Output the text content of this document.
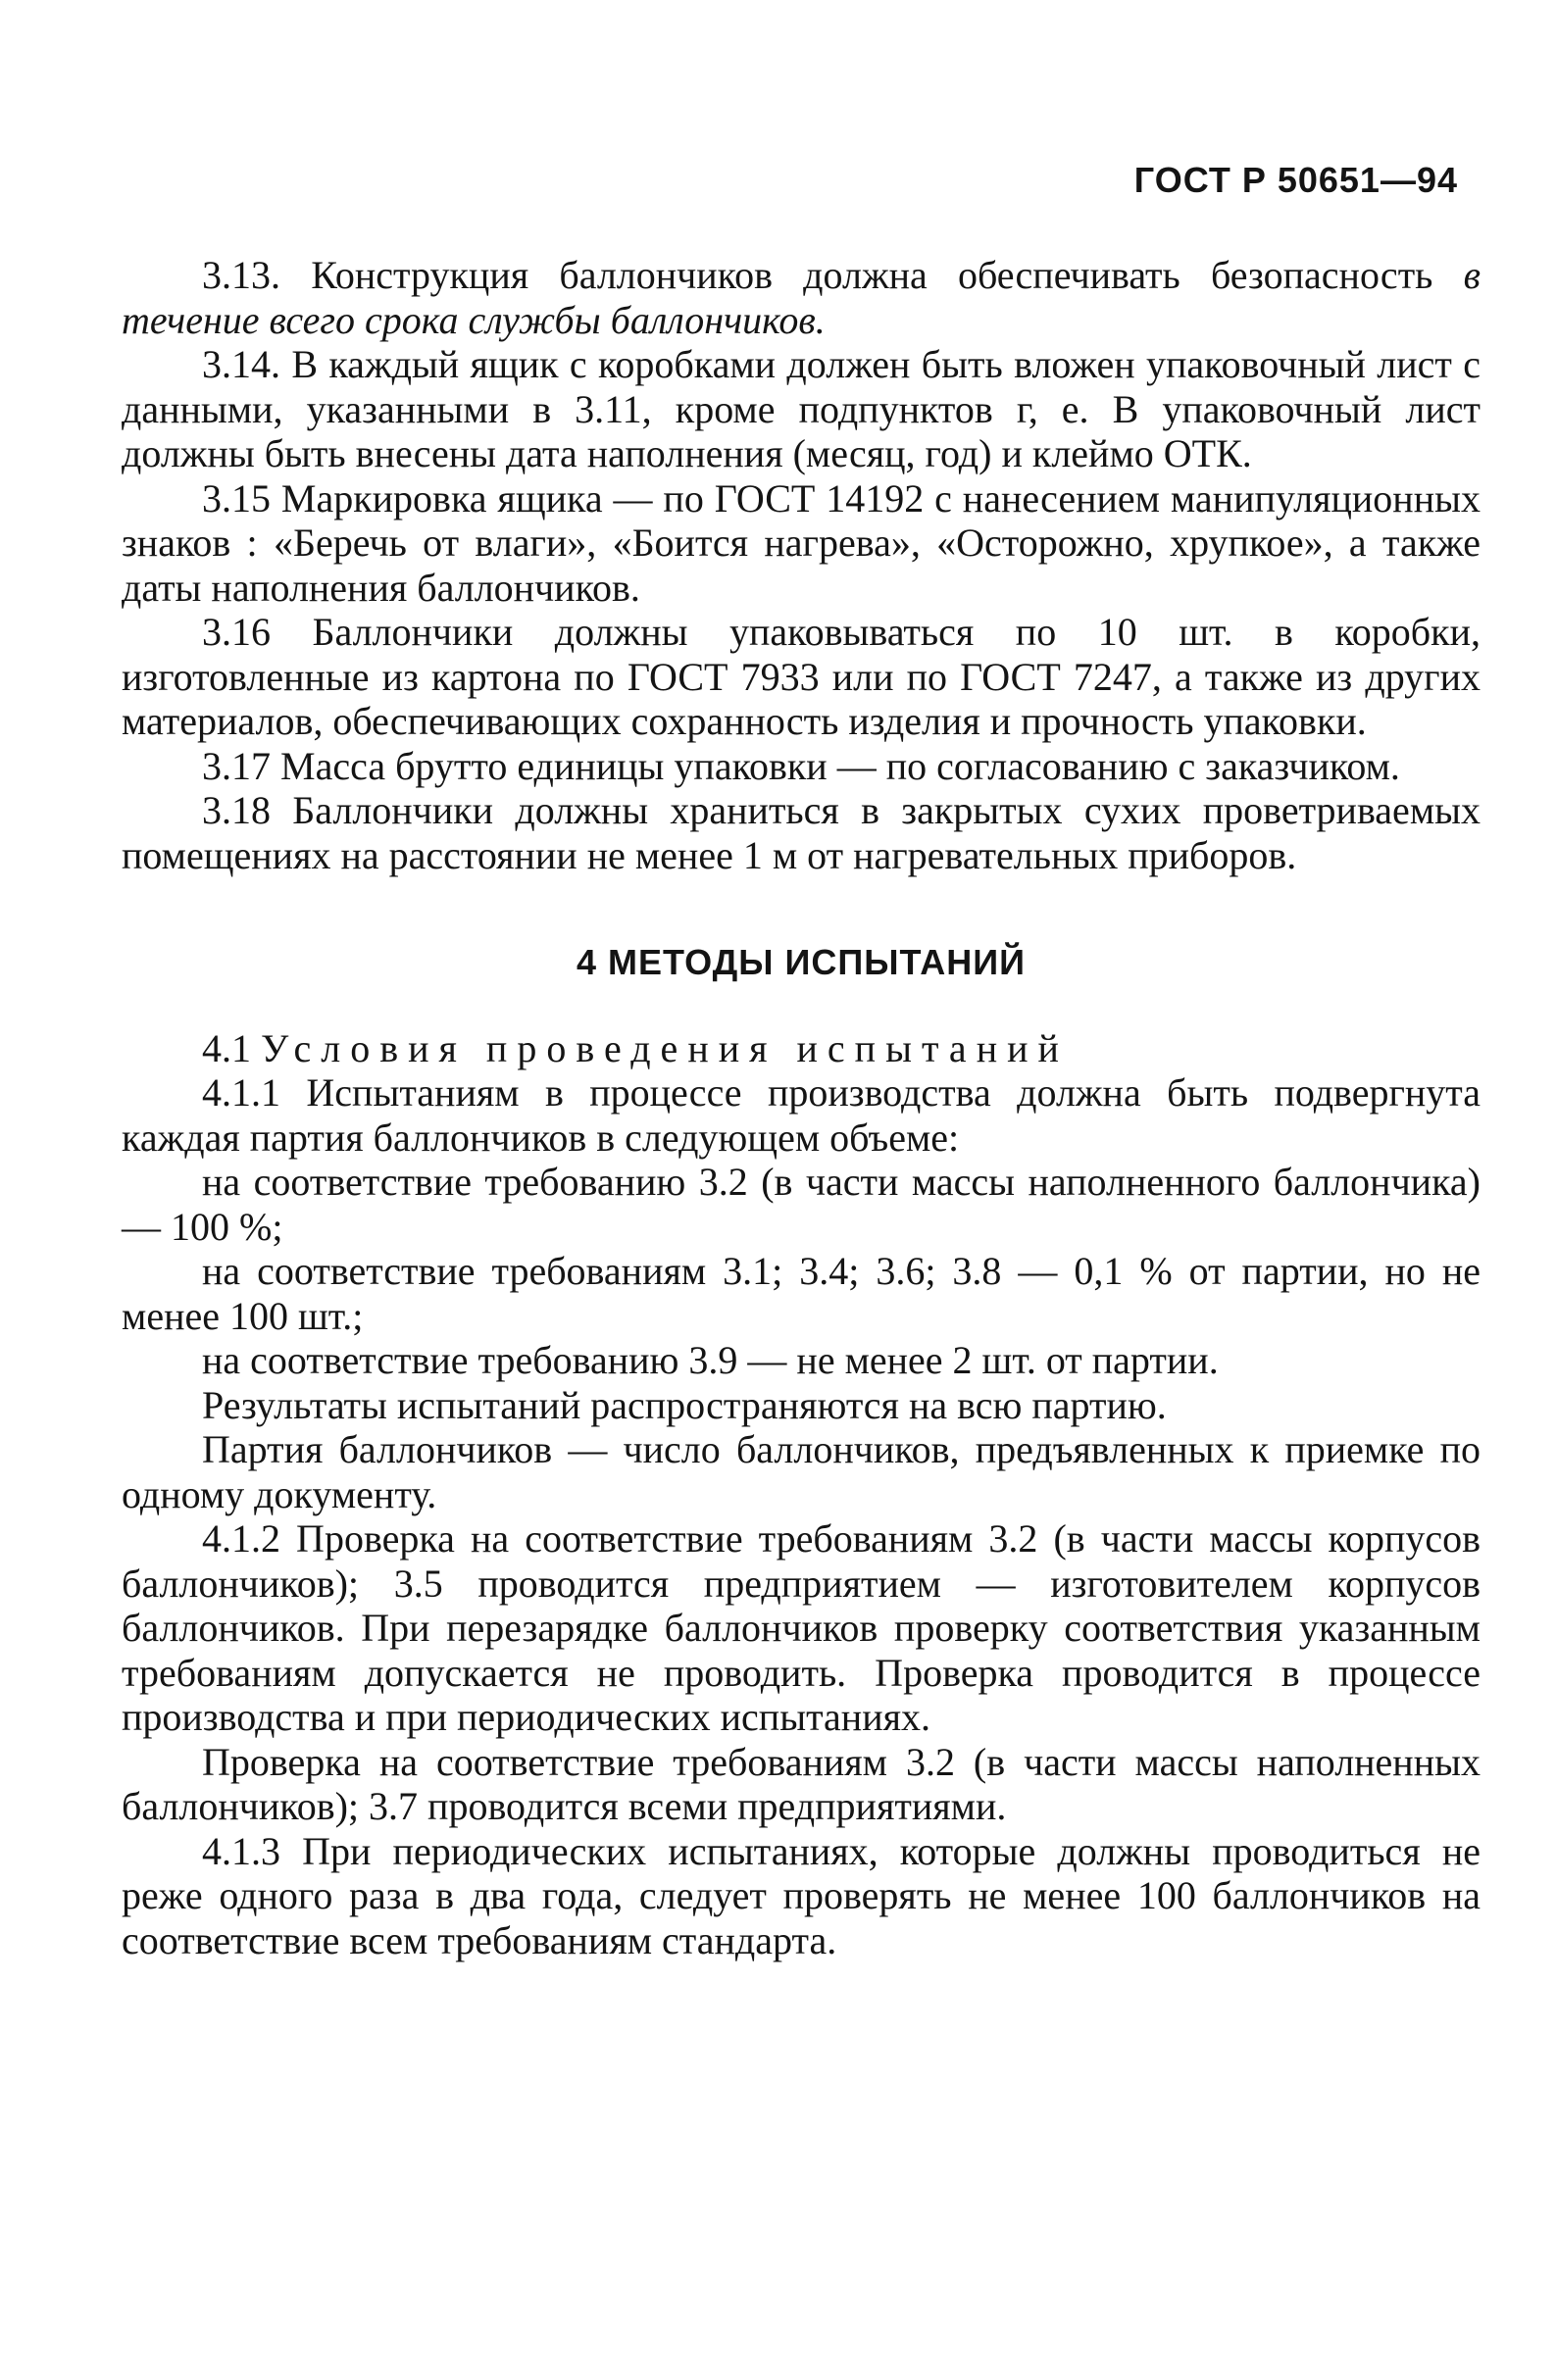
ГОСТ Р 50651—94

3.13. Конструкция баллончиков должна обеспечивать безопасность в течение всего срока службы баллончиков.

3.14. В каждый ящик с коробками должен быть вложен упаковочный лист с данными, указанными в 3.11, кроме подпунктов г, е. В упаковочный лист должны быть внесены дата наполнения (месяц, год) и клеймо ОТК.

3.15 Маркировка ящика — по ГОСТ 14192 с нанесением манипуляционных знаков : «Беречь от влаги», «Боится нагрева», «Осторожно, хрупкое», а также даты наполнения баллончиков.

3.16 Баллончики должны упаковываться по 10 шт. в коробки, изготовленные из картона по ГОСТ 7933 или по ГОСТ 7247, а также из других материалов, обеспечивающих сохранность изделия и прочность упаковки.

3.17 Масса брутто единицы упаковки — по согласованию с заказчиком.

3.18 Баллончики должны храниться в закрытых сухих проветриваемых помещениях на расстоянии не менее 1 м от нагревательных приборов.

4 МЕТОДЫ ИСПЫТАНИЙ

4.1 Условия проведения испытаний

4.1.1 Испытаниям в процессе производства должна быть подвергнута каждая партия баллончиков в следующем объеме:

на соответствие требованию 3.2 (в части массы наполненного баллончика) — 100 %;

на соответствие требованиям 3.1; 3.4; 3.6; 3.8 — 0,1 % от партии, но не менее 100 шт.;

на соответствие требованию 3.9 — не менее 2 шт. от партии.

Результаты испытаний распространяются на всю партию.

Партия баллончиков — число баллончиков, предъявленных к приемке по одному документу.

4.1.2 Проверка на соответствие требованиям 3.2 (в части массы корпусов баллончиков); 3.5 проводится предприятием — изготовителем корпусов баллончиков. При перезарядке баллончиков проверку соответствия указанным требованиям допускается не проводить. Проверка проводится в процессе производства и при периодических испытаниях.

Проверка на соответствие требованиям 3.2 (в части массы наполненных баллончиков); 3.7 проводится всеми предприятиями.

4.1.3 При периодических испытаниях, которые должны проводиться не реже одного раза в два года, следует проверять не менее 100 баллончиков на соответствие всем требованиям стандарта.
